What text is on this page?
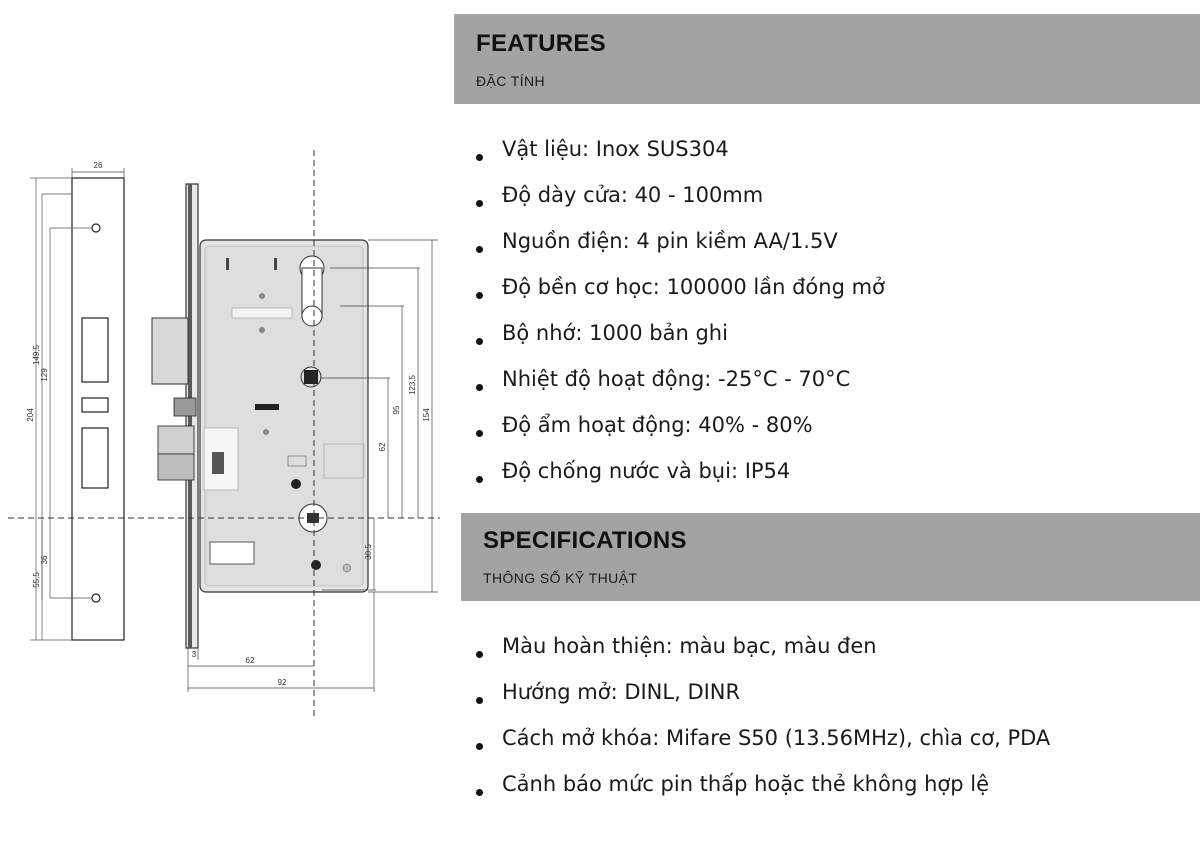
26
204
149,5
129
36
55,5
154
123,5
95
62
30,5
3
62
92
FEATURES
ĐẶC TÍNH
Vật liệu: Inox SUS304
Độ dày cửa: 40 - 100mm
Nguồn điện: 4 pin kiềm AA/1.5V
Độ bền cơ học: 100000 lần đóng mở
Bộ nhớ: 1000 bản ghi
Nhiệt độ hoạt động: -25°C - 70°C
Độ ẩm hoạt động: 40% - 80%
Độ chống nước và bụi: IP54
SPECIFICATIONS
THÔNG SỐ KỸ THUẬT
Màu hoàn thiện: màu bạc, màu đen
Hướng mở: DINL, DINR
Cách mở khóa: Mifare S50 (13.56MHz), chìa cơ, PDA
Cảnh báo mức pin thấp hoặc thẻ không hợp lệ
